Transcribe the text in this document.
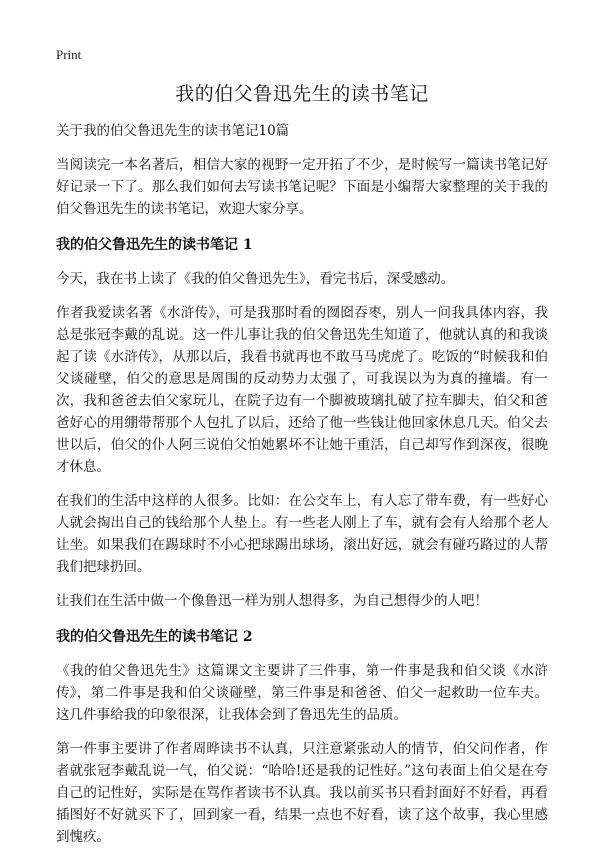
Print
我的伯父鲁迅先生的读书笔记
关于我的伯父鲁迅先生的读书笔记10篇

当阅读完一本名著后，相信大家的视野一定开拓了不少，是时候写一篇读书笔记好好记录一下了。那么我们如何去写读书笔记呢？下面是小编帮大家整理的关于我的伯父鲁迅先生的读书笔记，欢迎大家分享。

我的伯父鲁迅先生的读书笔记 1

今天，我在书上读了《我的伯父鲁迅先生》，看完书后，深受感动。

作者我爱读名著《水浒传》，可是我那时看的囫囵吞枣，别人一问我具体内容，我总是张冠李戴的乱说。这一件儿事让我的伯父鲁迅先生知道了，他就认真的和我谈起了读《水浒传》，从那以后，我看书就再也不敢马马虎虎了。吃饭的“时候我和伯父谈碰壁，伯父的意思是周围的反动势力太强了，可我误以为为真的撞墙。有一次，我和爸爸去伯父家玩儿，在院子边有一个脚被玻璃扎破了拉车脚夫，伯父和爸爸好心的用绷带帮那个人包扎了以后，还给了他一些钱让他回家休息几天。伯父去世以后，伯父的仆人阿三说伯父怕她累坏不让她干重活，自己却写作到深夜，很晚才休息。

在我们的生活中这样的人很多。比如：在公交车上，有人忘了带车费，有一些好心人就会掏出自己的钱给那个人垫上。有一些老人刚上了车，就有会有人给那个老人让坐。如果我们在踢球时不小心把球踢出球场，滚出好远，就会有碰巧路过的人帮我们把球扔回。

让我们在生活中做一个像鲁迅一样为别人想得多，为自己想得少的人吧！

我的伯父鲁迅先生的读书笔记 2

《我的伯父鲁迅先生》这篇课文主要讲了三件事，第一件事是我和伯父谈《水浒传》，第二件事是我和伯父谈碰壁，第三件事是和爸爸、伯父一起救助一位车夫。这几件事给我的印象很深，让我体会到了鲁迅先生的品质。

第一件事主要讲了作者周晔读书不认真，只注意紧张动人的情节，伯父问作者，作者就张冠李戴乱说一气，伯父说：“哈哈!还是我的记性好。”这句表面上伯父是在夸自己的记性好，实际是在骂作者读书不认真。我以前买书只看封面好不好看，再看插图好不好就买下了，回到家一看，结果一点也不好看，读了这个故事，我心里感到愧疚。
